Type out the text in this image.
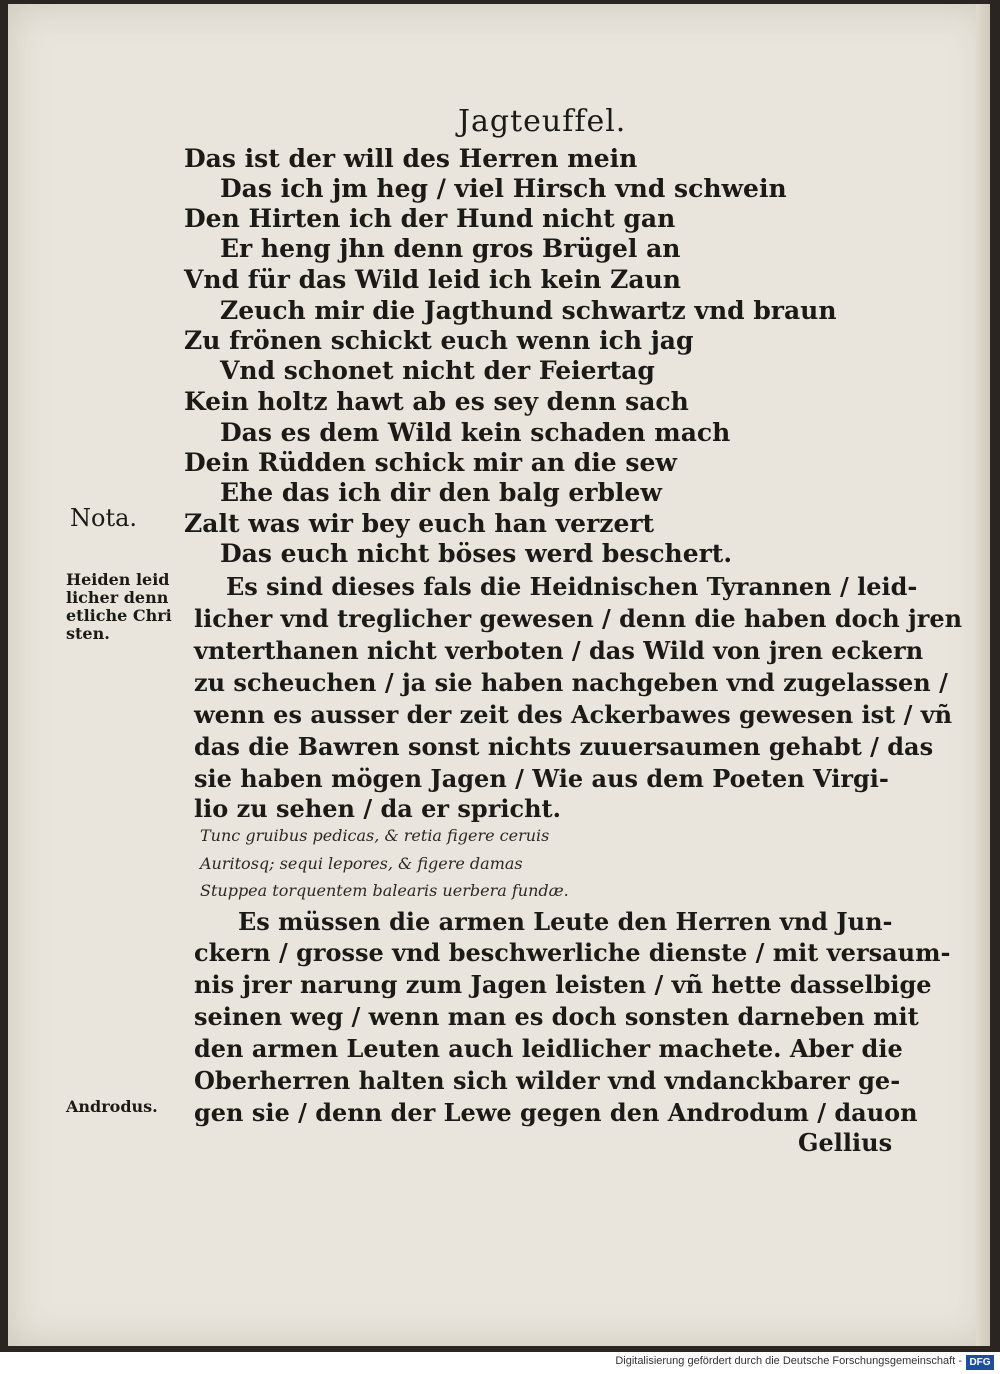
Jagteuffel.
Das ist der will des Herren mein
Das ich jm heg / viel Hirsch vnd schwein
Den Hirten ich der Hund nicht gan
Er heng jhn denn gros Brügel an
Vnd für das Wild leid ich kein Zaun
Zeuch mir die Jagthund schwartz vnd braun
Zu frönen schickt euch wenn ich jag
Vnd schonet nicht der Feiertag
Kein holtz hawt ab es sey denn sach
Das es dem Wild kein schaden mach
Dein Rüdden schick mir an die sew
Ehe das ich dir den balg erblew
Zalt was wir bey euch han verzert
Das euch nicht böses werd beschert.
Nota.
Heiden leid
licher denn
etliche Chri
sten.
Androdus.
Es sind dieses fals die Heidnischen Tyrannen / leid-
licher vnd treglicher gewesen / denn die haben doch jren
vnterthanen nicht verboten / das Wild von jren eckern
zu scheuchen / ja sie haben nachgeben vnd zugelassen /
wenn es ausser der zeit des Ackerbawes gewesen ist / vñ
das die Bawren sonst nichts zuuersaumen gehabt / das
sie haben mögen Jagen / Wie aus dem Poeten Virgi-
lio zu sehen / da er spricht.
Tunc gruibus pedicas, & retia figere ceruis
Auritosq; sequi lepores, & figere damas
Stuppea torquentem balearis uerbera fundæ.
Es müssen die armen Leute den Herren vnd Jun-
ckern / grosse vnd beschwerliche dienste / mit versaum-
nis jrer narung zum Jagen leisten / vñ hette dasselbige
seinen weg / wenn man es doch sonsten darneben mit
den armen Leuten auch leidlicher machete. Aber die
Oberherren halten sich wilder vnd vndanckbarer ge-
gen sie / denn der Lewe gegen den Androdum / dauon
Gellius
Digitalisierung gefördert durch die Deutsche Forschungsgemeinschaft - DFG
